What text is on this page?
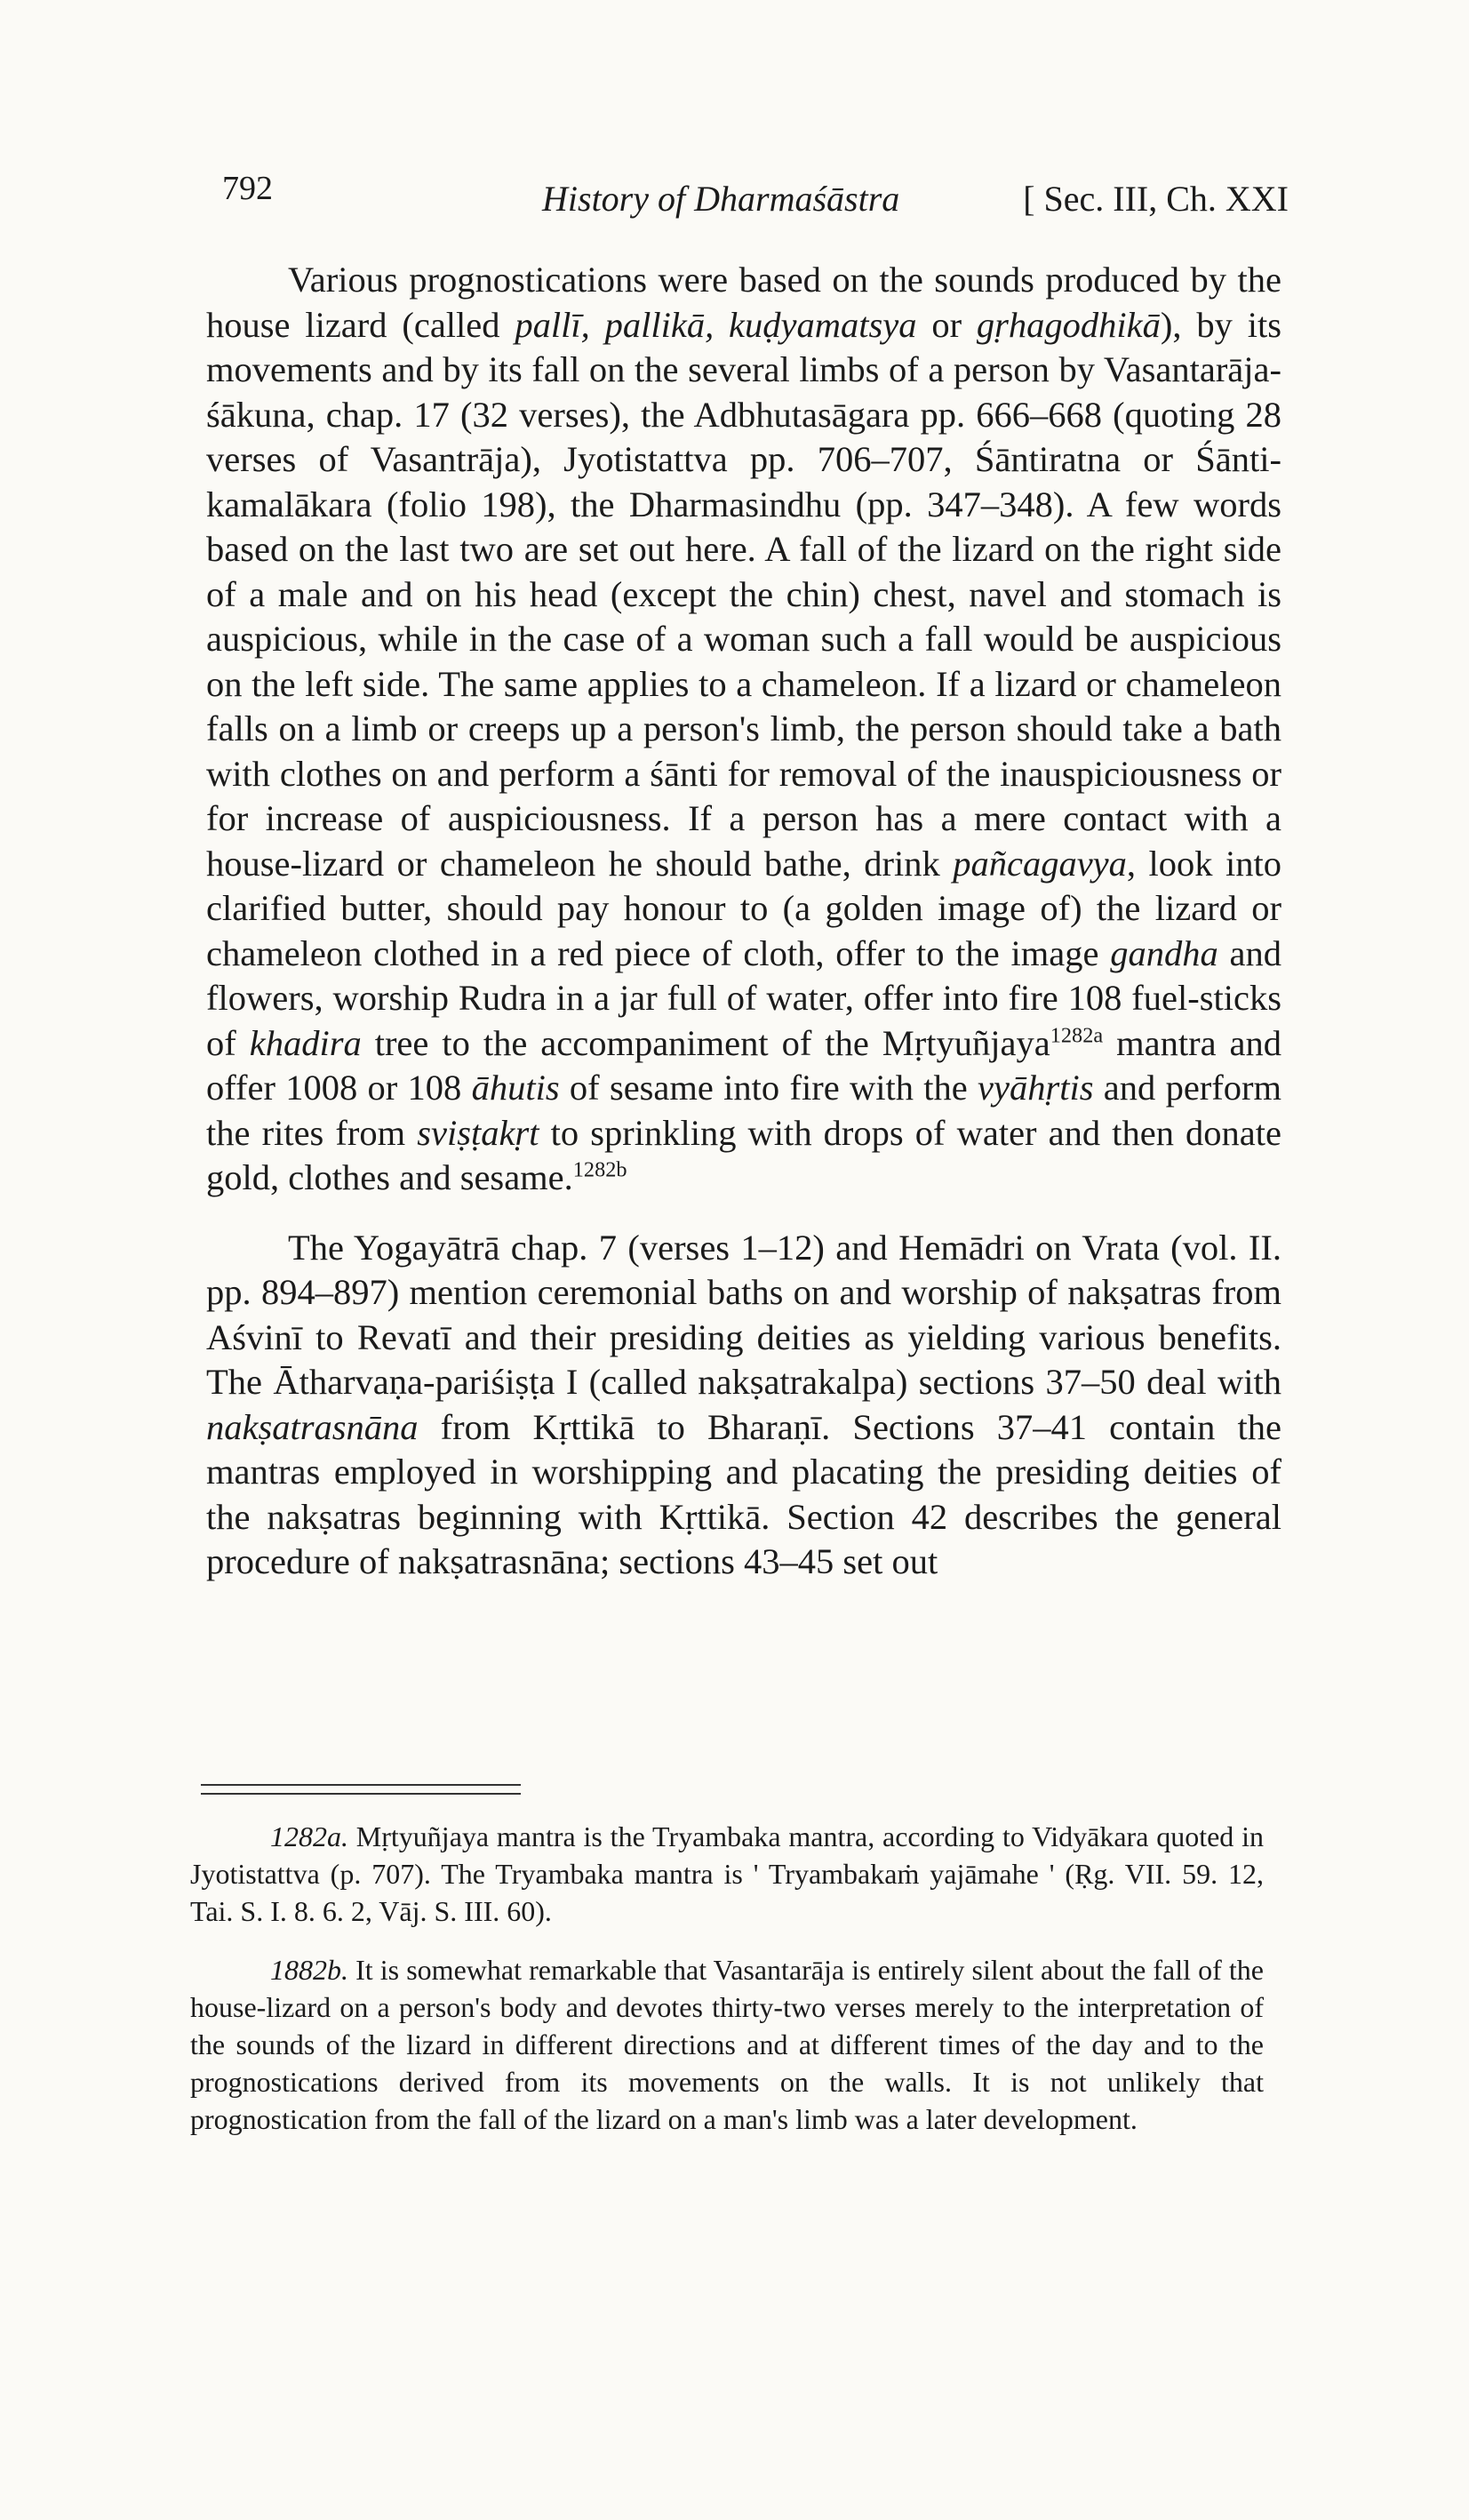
792	History of Dharmaśāstra	[ Sec. III, Ch. XXI

Various prognostications were based on the sounds produced by the house lizard (called pallī, pallikā, kuḍyamatsya or gṛhagodhikā), by its movements and by its fall on the several limbs of a person by Vasantarāja-śākuna, chap. 17 (32 verses), the Adbhutasāgara pp. 666–668 (quoting 28 verses of Vasantrāja), Jyotistattva pp. 706–707, Śāntiratna or Śānti-kamalākara (folio 198), the Dharmasindhu (pp. 347–348). A few words based on the last two are set out here. A fall of the lizard on the right side of a male and on his head (except the chin) chest, navel and stomach is auspicious, while in the case of a woman such a fall would be auspicious on the left side. The same applies to a chameleon. If a lizard or chameleon falls on a limb or creeps up a person's limb, the person should take a bath with clothes on and perform a śānti for removal of the inauspiciousness or for increase of auspiciousness. If a person has a mere contact with a house-lizard or chameleon he should bathe, drink pañcagavya, look into clarified butter, should pay honour to (a golden image of) the lizard or chameleon clothed in a red piece of cloth, offer to the image gandha and flowers, worship Rudra in a jar full of water, offer into fire 108 fuel-sticks of khadira tree to the accompaniment of the Mṛtyuñjaya$^{1282a}$ mantra and offer 1008 or 108 āhutis of sesame into fire with the vyāhṛtis and perform the rites from sviṣṭakṛt to sprinkling with drops of water and then donate gold, clothes and sesame.$^{1282b}$

The Yogayātrā chap. 7 (verses 1–12) and Hemādri on Vrata (vol. II. pp. 894–897) mention ceremonial baths on and worship of nakṣatras from Aśvinī to Revatī and their presiding deities as yielding various benefits. The Ātharvaṇa-pariśiṣṭa I (called nakṣatrakalpa) sections 37–50 deal with nakṣatrasnāna from Kṛttikā to Bharaṇī. Sections 37–41 contain the mantras employed in worshipping and placating the presiding deities of the nakṣatras beginning with Kṛttikā. Section 42 describes the general procedure of nakṣatrasnāna; sections 43–45 set out

1282a. Mṛtyuñjaya mantra is the Tryambaka mantra, according to Vidyākara quoted in Jyotistattva (p. 707). The Tryambaka mantra is ' Tryambakaṁ yajāmahe ' (Ṛg. VII. 59. 12, Tai. S. I. 8. 6. 2, Vāj. S. III. 60).

1882b. It is somewhat remarkable that Vasantarāja is entirely silent about the fall of the house-lizard on a person's body and devotes thirty-two verses merely to the interpretation of the sounds of the lizard in different directions and at different times of the day and to the prognostications derived from its movements on the walls. It is not unlikely that prognostication from the fall of the lizard on a man's limb was a later development.
